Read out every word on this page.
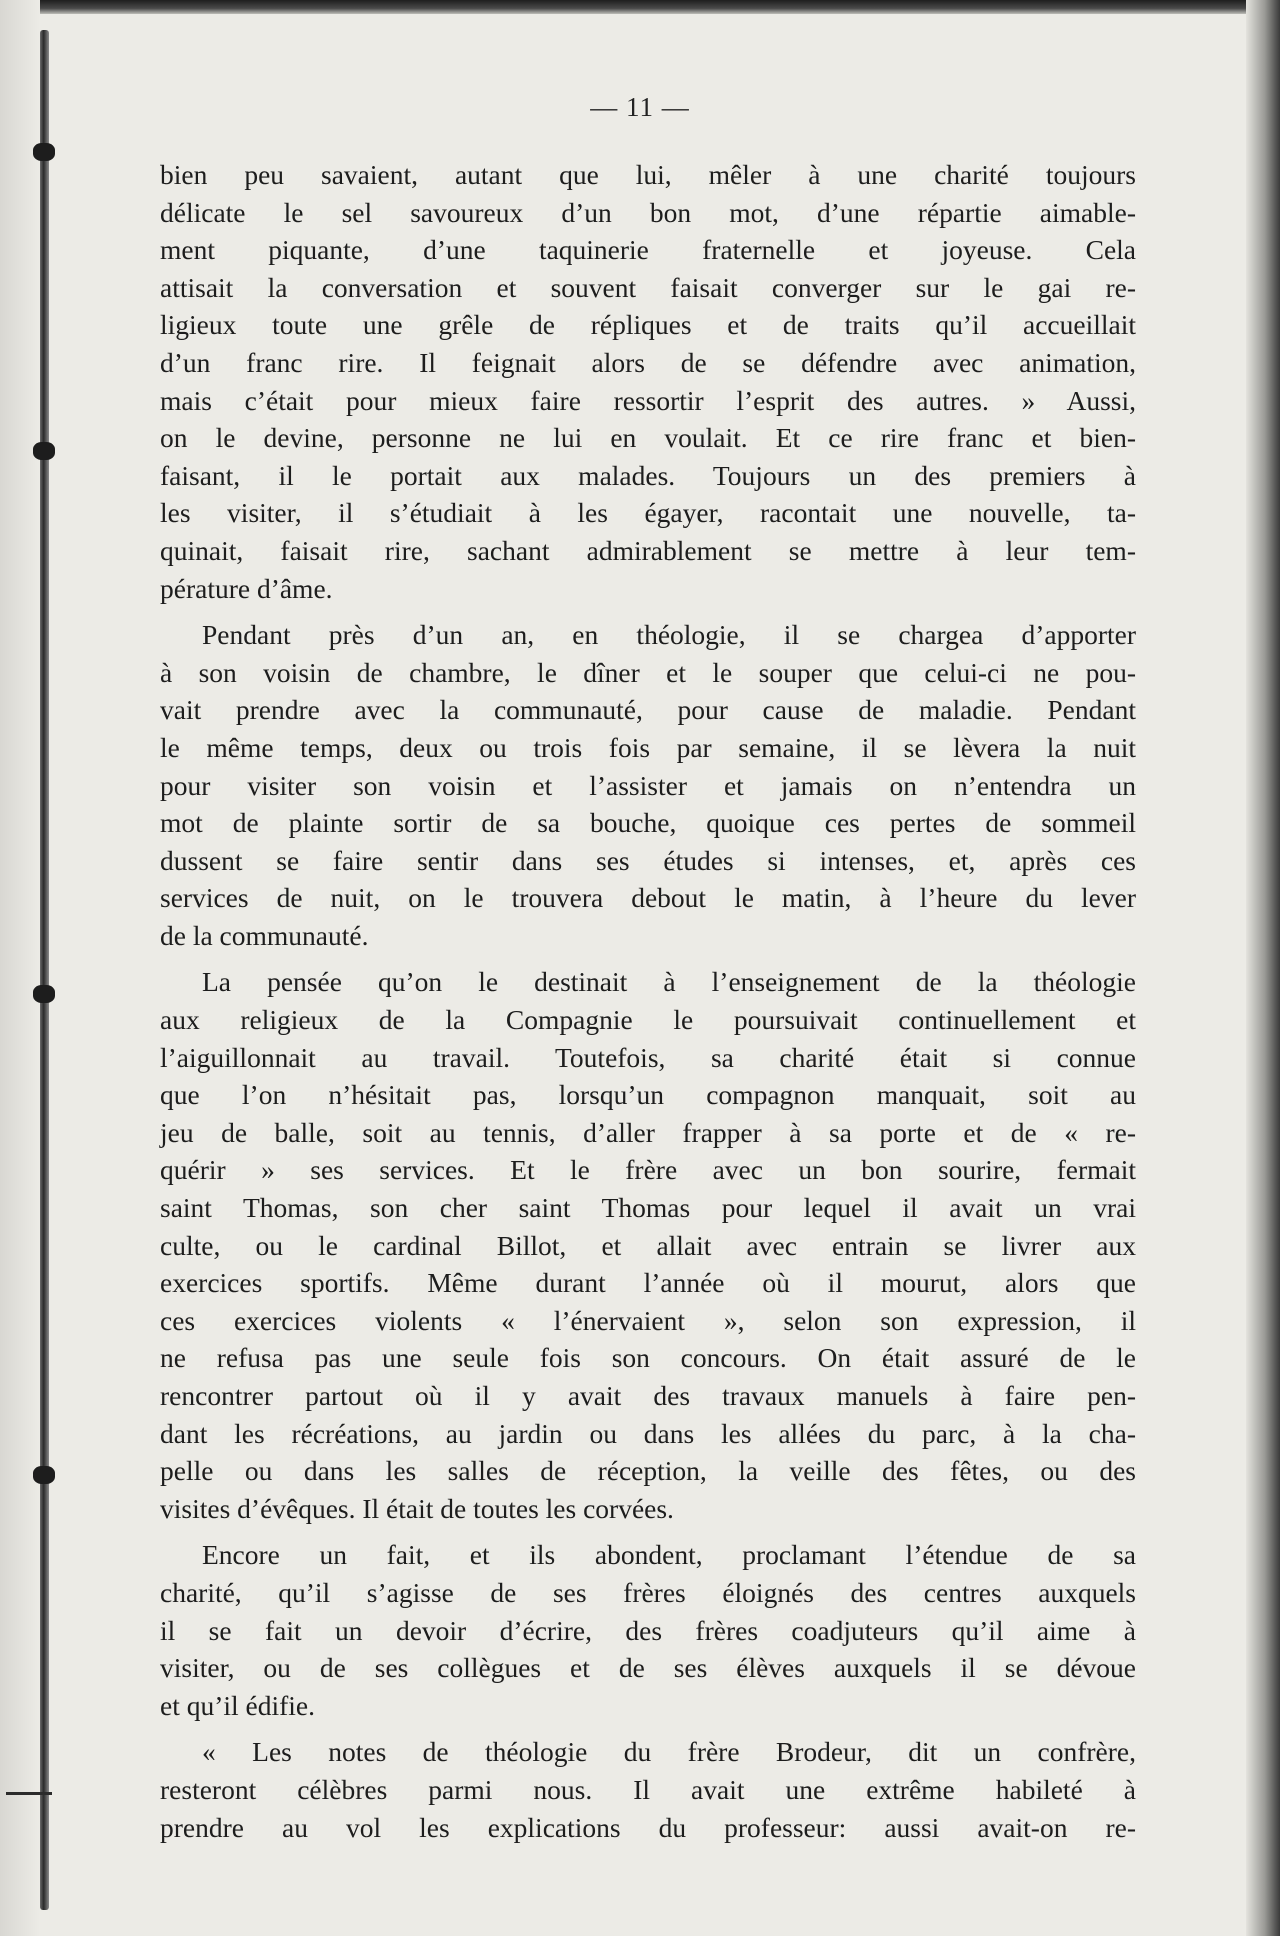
— 11 —

bien peu savaient, autant que lui, mêler à une charité toujours
délicate le sel savoureux d’un bon mot, d’une répartie aimable-
ment piquante, d’une taquinerie fraternelle et joyeuse. Cela
attisait la conversation et souvent faisait converger sur le gai re-
ligieux toute une grêle de répliques et de traits qu’il accueillait
d’un franc rire. Il feignait alors de se défendre avec animation,
mais c’était pour mieux faire ressortir l’esprit des autres. » Aussi,
on le devine, personne ne lui en voulait. Et ce rire franc et bien-
faisant, il le portait aux malades. Toujours un des premiers à
les visiter, il s’étudiait à les égayer, racontait une nouvelle, ta-
quinait, faisait rire, sachant admirablement se mettre à leur tem-
pérature d’âme.

Pendant près d’un an, en théologie, il se chargea d’apporter
à son voisin de chambre, le dîner et le souper que celui-ci ne pou-
vait prendre avec la communauté, pour cause de maladie. Pendant
le même temps, deux ou trois fois par semaine, il se lèvera la nuit
pour visiter son voisin et l’assister et jamais on n’entendra un
mot de plainte sortir de sa bouche, quoique ces pertes de sommeil
dussent se faire sentir dans ses études si intenses, et, après ces
services de nuit, on le trouvera debout le matin, à l’heure du lever
de la communauté.

La pensée qu’on le destinait à l’enseignement de la théologie
aux religieux de la Compagnie le poursuivait continuellement et
l’aiguillonnait au travail. Toutefois, sa charité était si connue
que l’on n’hésitait pas, lorsqu’un compagnon manquait, soit au
jeu de balle, soit au tennis, d’aller frapper à sa porte et de « re-
quérir » ses services. Et le frère avec un bon sourire, fermait
saint Thomas, son cher saint Thomas pour lequel il avait un vrai
culte, ou le cardinal Billot, et allait avec entrain se livrer aux
exercices sportifs. Même durant l’année où il mourut, alors que
ces exercices violents « l’énervaient », selon son expression, il
ne refusa pas une seule fois son concours. On était assuré de le
rencontrer partout où il y avait des travaux manuels à faire pen-
dant les récréations, au jardin ou dans les allées du parc, à la cha-
pelle ou dans les salles de réception, la veille des fêtes, ou des
visites d’évêques. Il était de toutes les corvées.

Encore un fait, et ils abondent, proclamant l’étendue de sa
charité, qu’il s’agisse de ses frères éloignés des centres auxquels
il se fait un devoir d’écrire, des frères coadjuteurs qu’il aime à
visiter, ou de ses collègues et de ses élèves auxquels il se dévoue
et qu’il édifie.

« Les notes de théologie du frère Brodeur, dit un confrère,
resteront célèbres parmi nous. Il avait une extrême habileté à
prendre au vol les explications du professeur: aussi avait-on re-
